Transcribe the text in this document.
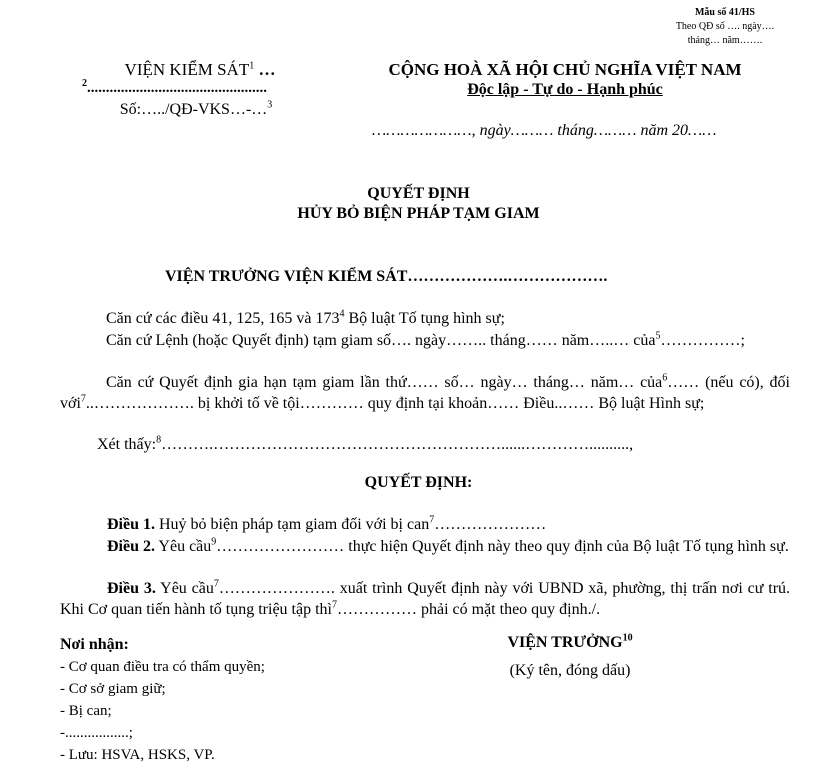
Mẫu số 41/HS
Theo QĐ số …. ngày….
tháng… năm…….
VIỆN KIỂM SÁT$^1$ …
$^2$................................................
Số:…../QĐ-VKS…-…$^3$
CỘNG HOÀ XÃ HỘI CHỦ NGHĨA VIỆT NAM
Độc lập - Tự do - Hạnh phúc
…………………, ngày……… tháng……… năm 20……
QUYẾT ĐỊNH
HỦY BỎ BIỆN PHÁP TẠM GIAM
VIỆN TRƯỞNG VIỆN KIỂM SÁT……………….……………….
Căn cứ các điều 41, 125, 165 và $173^4$ Bộ luật Tố tụng hình sự;
Căn cứ Lệnh (hoặc Quyết định) tạm giam số…. ngày…….. tháng…… năm…..… của$^5$……………;
Căn cứ Quyết định gia hạn tạm giam lần thứ…… số… ngày… tháng… năm… của$^6$…… (nếu có), đối với$^7$..………………. bị khởi tố về tội………… quy định tại khoản…… Điều..…… Bộ luật Hình sự;
Xét thấy:$^8$……….………………………………………………......…………..........,
QUYẾT ĐỊNH:
Điều 1. Huỷ bỏ biện pháp tạm giam đối với bị can$^7$…………………
Điều 2. Yêu cầu$^9$…………………… thực hiện Quyết định này theo quy định của Bộ luật Tố tụng hình sự.
Điều 3. Yêu cầu$^7$…………………. xuất trình Quyết định này với UBND xã, phường, thị trấn nơi cư trú. Khi Cơ quan tiến hành tố tụng triệu tập thì$^7$…………… phải có mặt theo quy định./.
Nơi nhận:
- Cơ quan điều tra có thẩm quyền;
- Cơ sở giam giữ;
- Bị can;
-.................;
- Lưu: HSVA, HSKS, VP.
VIỆN TRƯỞNG$^{10}$
(Ký tên, đóng dấu)
